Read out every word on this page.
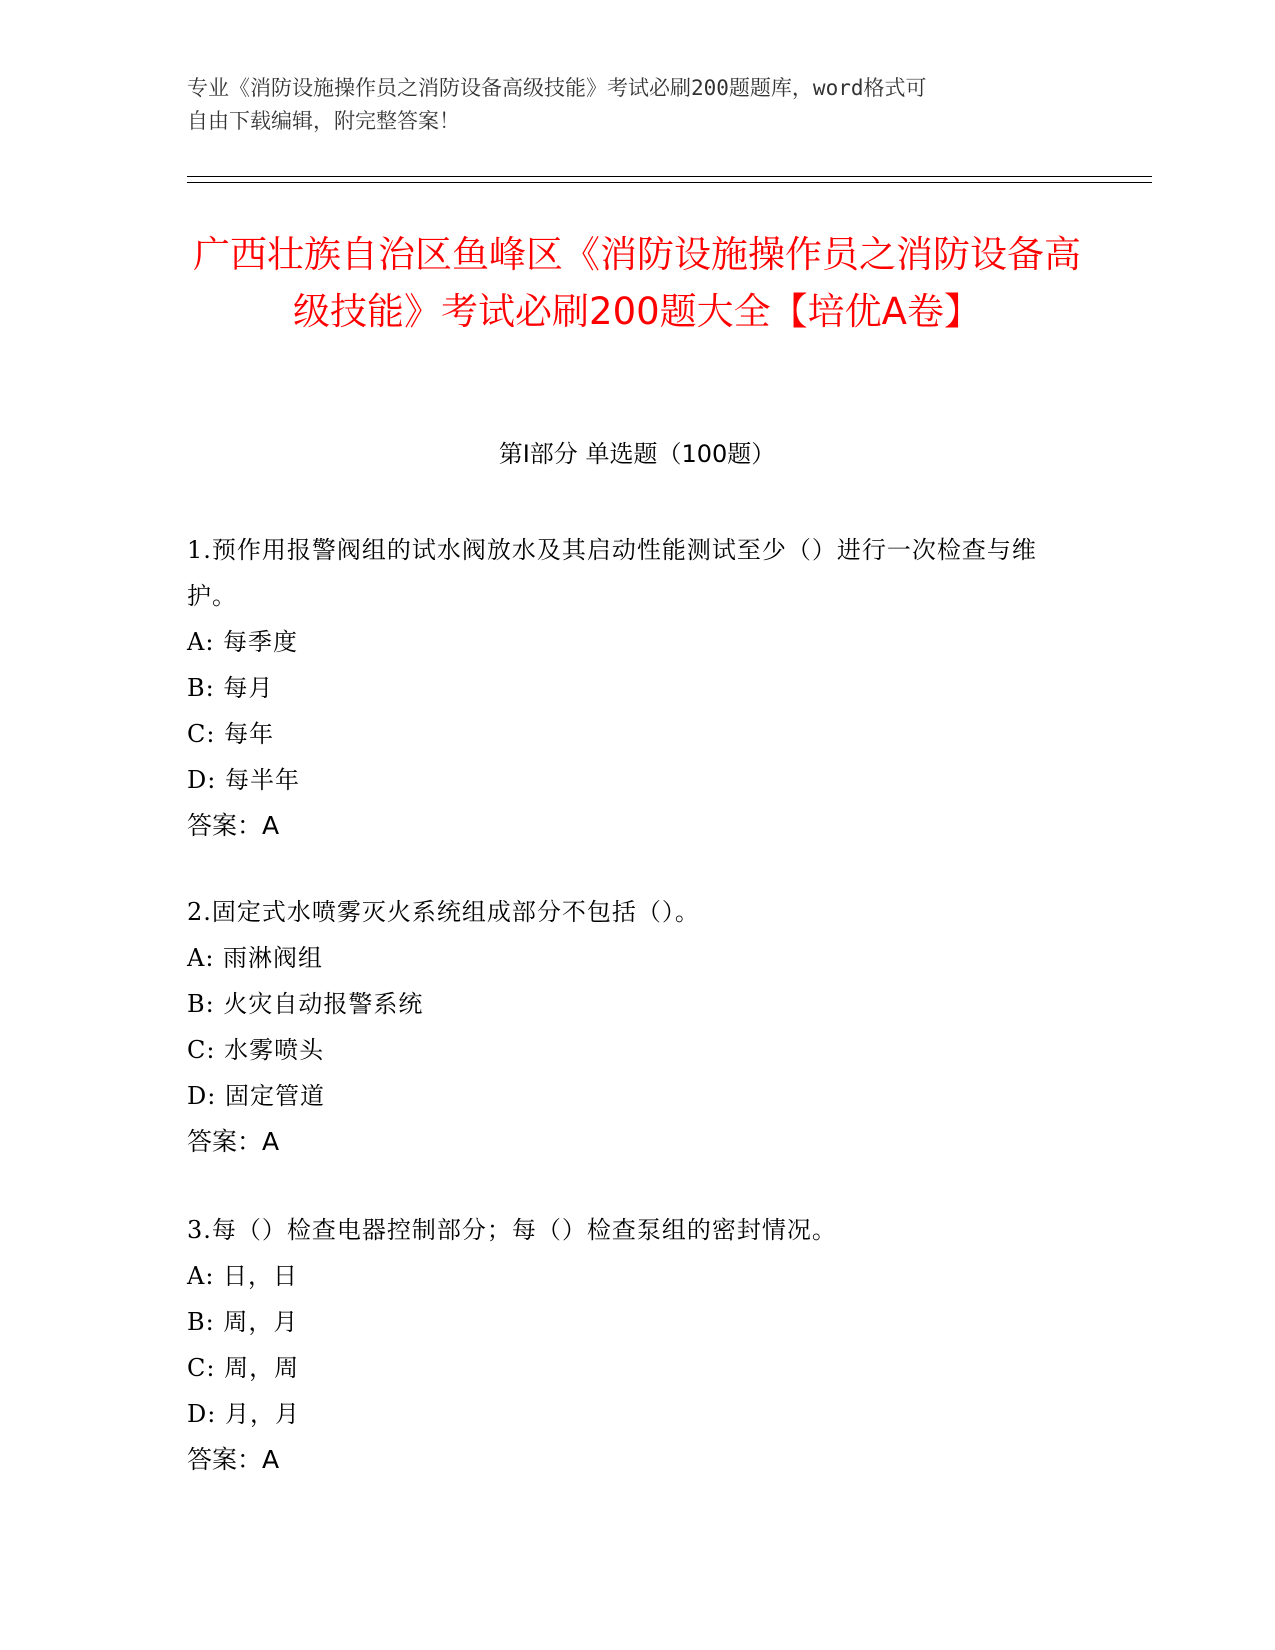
专业《消防设施操作员之消防设备高级技能》考试必刷200题题库，word格式可
自由下载编辑，附完整答案！
广西壮族自治区鱼峰区《消防设施操作员之消防设备高级技能》考试必刷200题大全【培优A卷】
第I部分 单选题（100题）
1.预作用报警阀组的试水阀放水及其启动性能测试至少（）进行一次检查与维护。
A: 每季度
B: 每月
C: 每年
D: 每半年
答案：A
2.固定式水喷雾灭火系统组成部分不包括（）。
A: 雨淋阀组
B: 火灾自动报警系统
C: 水雾喷头
D: 固定管道
答案：A
3.每（）检查电器控制部分；每（）检查泵组的密封情况。
A: 日，日
B: 周，月
C: 周，周
D: 月，月
答案：A
